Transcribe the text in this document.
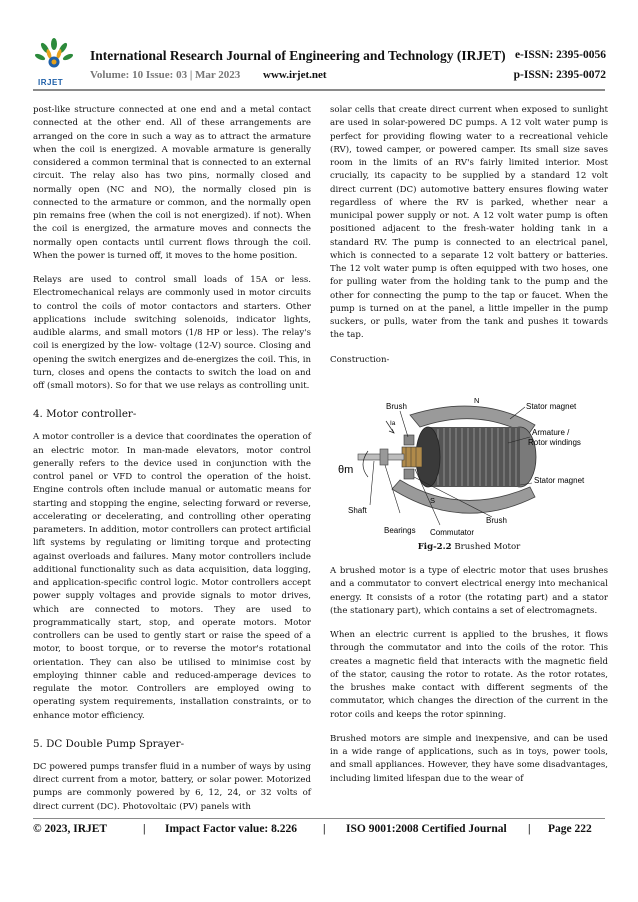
IRJET
International Research Journal of Engineering and Technology (IRJET) e-ISSN: 2395-0056
Volume: 10 Issue: 03 | Mar 2023 www.irjet.net	p-ISSN: 2395-0072

post-like structure connected at one end and a metal contact connected at the other end. All of these arrangements are arranged on the core in such a way as to attract the armature when the coil is energized. A movable armature is generally considered a common terminal that is connected to an external circuit. The relay also has two pins, normally closed and normally open (NC and NO), the normally closed pin is connected to the armature or common, and the normally open pin remains free (when the coil is not energized). if not). When the coil is energized, the armature moves and connects the normally open contacts until current flows through the coil. When the power is turned off, it moves to the home position.

Relays are used to control small loads of 15A or less. Electromechanical relays are commonly used in motor circuits to control the coils of motor contactors and starters. Other applications include switching solenoids, indicator lights, audible alarms, and small motors (1/8 HP or less). The relay's coil is energized by the low- voltage (12-V) source. Closing and opening the switch energizes and de-energizes the coil. This, in turn, closes and opens the contacts to switch the load on and off (small motors). So for that we use relays as controlling unit.

4. Motor controller-

A motor controller is a device that coordinates the operation of an electric motor. In man-made elevators, motor control generally refers to the device used in conjunction with the control panel or VFD to control the operation of the hoist. Engine controls often include manual or automatic means for starting and stopping the engine, selecting forward or reverse, accelerating or decelerating, and controlling other operating parameters. In addition, motor controllers can protect artificial lift systems by regulating or limiting torque and protecting against overloads and failures. Many motor controllers include additional functionality such as data acquisition, data logging, and application-specific control logic. Motor controllers accept power supply voltages and provide signals to motor drives, which are connected to motors. They are used to programmatically start, stop, and operate motors. Motor controllers can be used to gently start or raise the speed of a motor, to boost torque, or to reverse the motor's rotational orientation. They can also be utilised to minimise cost by employing thinner cable and reduced-amperage devices to regulate the motor. Controllers are employed owing to operating system requirements, installation constraints, or to enhance motor efficiency.

5. DC Double Pump Sprayer-

DC powered pumps transfer fluid in a number of ways by using direct current from a motor, battery, or solar power. Motorized pumps are commonly powered by 6, 12, 24, or 32 volts of direct current (DC). Photovoltaic (PV) panels with

solar cells that create direct current when exposed to sunlight are used in solar-powered DC pumps. A 12 volt water pump is perfect for providing flowing water to a recreational vehicle (RV), towed camper, or powered camper. Its small size saves room in the limits of an RV's fairly limited interior. Most crucially, its capacity to be supplied by a standard 12 volt direct current (DC) automotive battery ensures flowing water regardless of where the RV is parked, whether near a municipal power supply or not. A 12 volt water pump is often positioned adjacent to the fresh-water holding tank in a standard RV. The pump is connected to an electrical panel, which is connected to a separate 12 volt battery or batteries. The 12 volt water pump is often equipped with two hoses, one for pulling water from the holding tank to the pump and the other for connecting the pump to the tap or faucet. When the pump is turned on at the panel, a little impeller in the pump suckers, or pulls, water from the tank and pushes it towards the tap.

Construction-

Brush
N
Stator magnet
Ia
Armature /
Rotor windings
θm
Stator magnet
S
Shaft
Brush
Bearings Commutator

Fig-2.2 Brushed Motor

A brushed motor is a type of electric motor that uses brushes and a commutator to convert electrical energy into mechanical energy. It consists of a rotor (the rotating part) and a stator (the stationary part), which contains a set of electromagnets.

When an electric current is applied to the brushes, it flows through the commutator and into the coils of the rotor. This creates a magnetic field that interacts with the magnetic field of the stator, causing the rotor to rotate. As the rotor rotates, the brushes make contact with different segments of the commutator, which changes the direction of the current in the rotor coils and keeps the rotor spinning.

Brushed motors are simple and inexpensive, and can be used in a wide range of applications, such as in toys, power tools, and small appliances. However, they have some disadvantages, including limited lifespan due to the wear of

© 2023, IRJET	| Impact Factor value: 8.226 | ISO 9001:2008 Certified Journal | Page 222
